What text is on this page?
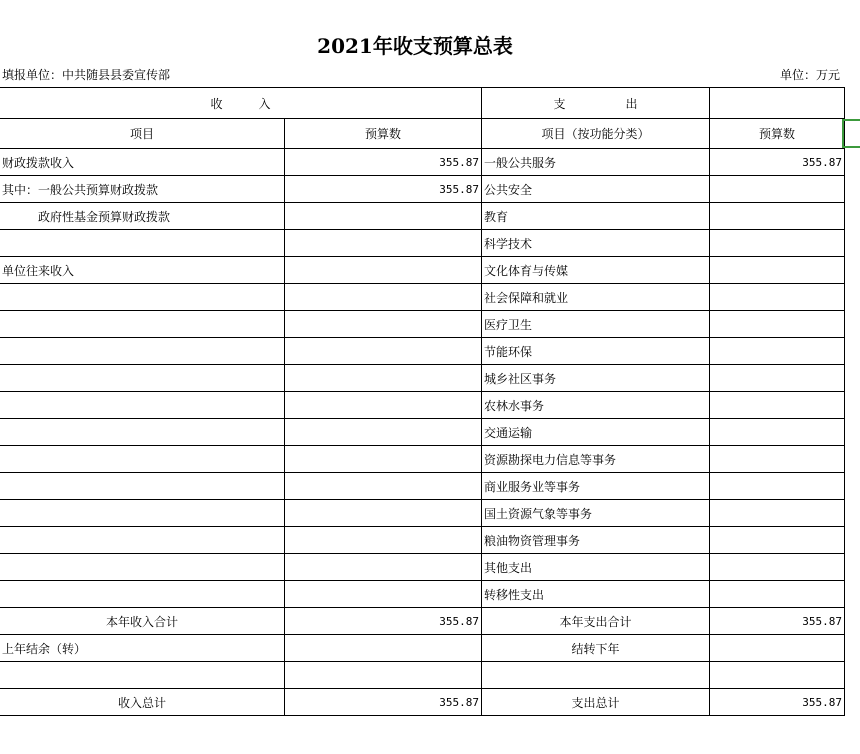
2021年收支预算总表
填报单位：中共随县县委宣传部	单位：万元
收　　　入		支　　　　　出	
项目	预算数	项目（按功能分类）	预算数
财政拨款收入	355.87	一般公共服务	355.87
其中：一般公共预算财政拨款	355.87	公共安全	
政府性基金预算财政拨款		教育	
		科学技术	
单位往来收入		文化体育与传媒	
		社会保障和就业	
		医疗卫生	
		节能环保	
		城乡社区事务	
		农林水事务	
		交通运输	
		资源勘探电力信息等事务	
		商业服务业等事务	
		国土资源气象等事务	
		粮油物资管理事务	
		其他支出	
		转移性支出	
本年收入合计	355.87	本年支出合计	355.87
上年结余（转）		结转下年	

收入总计	355.87	支出总计	355.87
